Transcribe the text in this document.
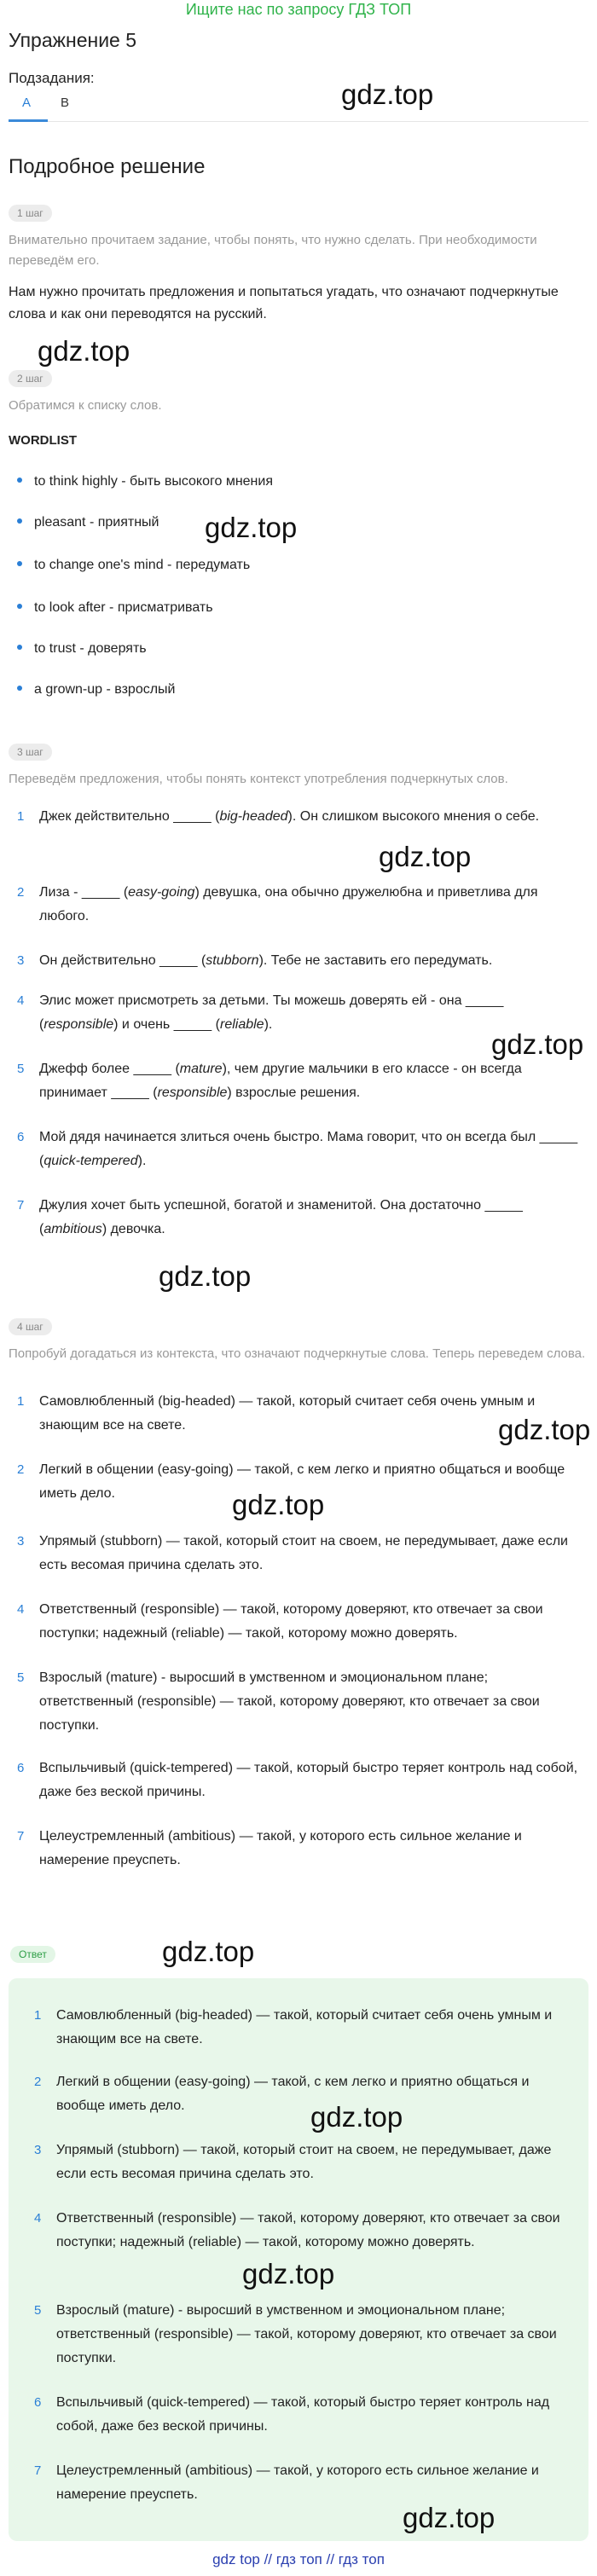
Ищите нас по запросу ГДЗ ТОП
Упражнение 5
Подзадания:
A	B	gdz.top
Подробное решение
1 шаг
Внимательно прочитаем задание, чтобы понять, что нужно сделать. При необходимости переведём его.
Нам нужно прочитать предложения и попытаться угадать, что означают подчеркнутые слова и как они переводятся на русский.
gdz.top
2 шаг
Обратимся к списку слов.
WORDLIST
to think highly - быть высокого мнения
pleasant - приятный
to change one's mind - передумать
to look after - присматривать
to trust - доверять
a grown-up - взрослый
gdz.top
3 шаг
Переведём предложения, чтобы понять контекст употребления подчеркнутых слов.
1	Джек действительно _____ (big-headed). Он слишком высокого мнения о себе.
2	Лиза - _____ (easy-going) девушка, она обычно дружелюбна и приветлива для любого.
3	Он действительно _____ (stubborn). Тебе не заставить его передумать.
4	Элис может присмотреть за детьми. Ты можешь доверять ей - она _____ (responsible) и очень _____ (reliable).
5	Джефф более _____ (mature), чем другие мальчики в его классе - он всегда принимает _____ (responsible) взрослые решения.
6	Мой дядя начинается злиться очень быстро. Мама говорит, что он всегда был _____ (quick-tempered).
7	Джулия хочет быть успешной, богатой и знаменитой. Она достаточно _____ (ambitious) девочка.
gdz.top
gdz.top
gdz.top
4 шаг
Попробуй догадаться из контекста, что означают подчеркнутые слова. Теперь переведем слова.
1	Самовлюбленный (big-headed) — такой, который считает себя очень умным и знающим все на свете.
2	Легкий в общении (easy-going) — такой, с кем легко и приятно общаться и вообще иметь дело.
3	Упрямый (stubborn) — такой, который стоит на своем, не передумывает, даже если есть весомая причина сделать это.
4	Ответственный (responsible) — такой, которому доверяют, кто отвечает за свои поступки; надежный (reliable) — такой, которому можно доверять.
5	Взрослый (mature) - выросший в умственном и эмоциональном плане; ответственный (responsible) — такой, которому доверяют, кто отвечает за свои поступки.
6	Вспыльчивый (quick-tempered) — такой, который быстро теряет контроль над собой, даже без веской причины.
7	Целеустремленный (ambitious) — такой, у которого есть сильное желание и намерение преуспеть.
gdz.top
gdz.top
Ответ	gdz.top
1 Самовлюбленный (big-headed) — такой, который считает себя очень умным и знающим все на свете.
2 Легкий в общении (easy-going) — такой, с кем легко и приятно общаться и вообще иметь дело.
3 Упрямый (stubborn) — такой, который стоит на своем, не передумывает, даже если есть весомая причина сделать это.
4 Ответственный (responsible) — такой, которому доверяют, кто отвечает за свои поступки; надежный (reliable) — такой, которому можно доверять.
5 Взрослый (mature) - выросший в умственном и эмоциональном плане; ответственный (responsible) — такой, которому доверяют, кто отвечает за свои поступки.
6 Вспыльчивый (quick-tempered) — такой, который быстро теряет контроль над собой, даже без веской причины.
7 Целеустремленный (ambitious) — такой, у которого есть сильное желание и намерение преуспеть.
gdz.top
gdz.top
gdz.top
gdz top // гдз топ // гдз топ
